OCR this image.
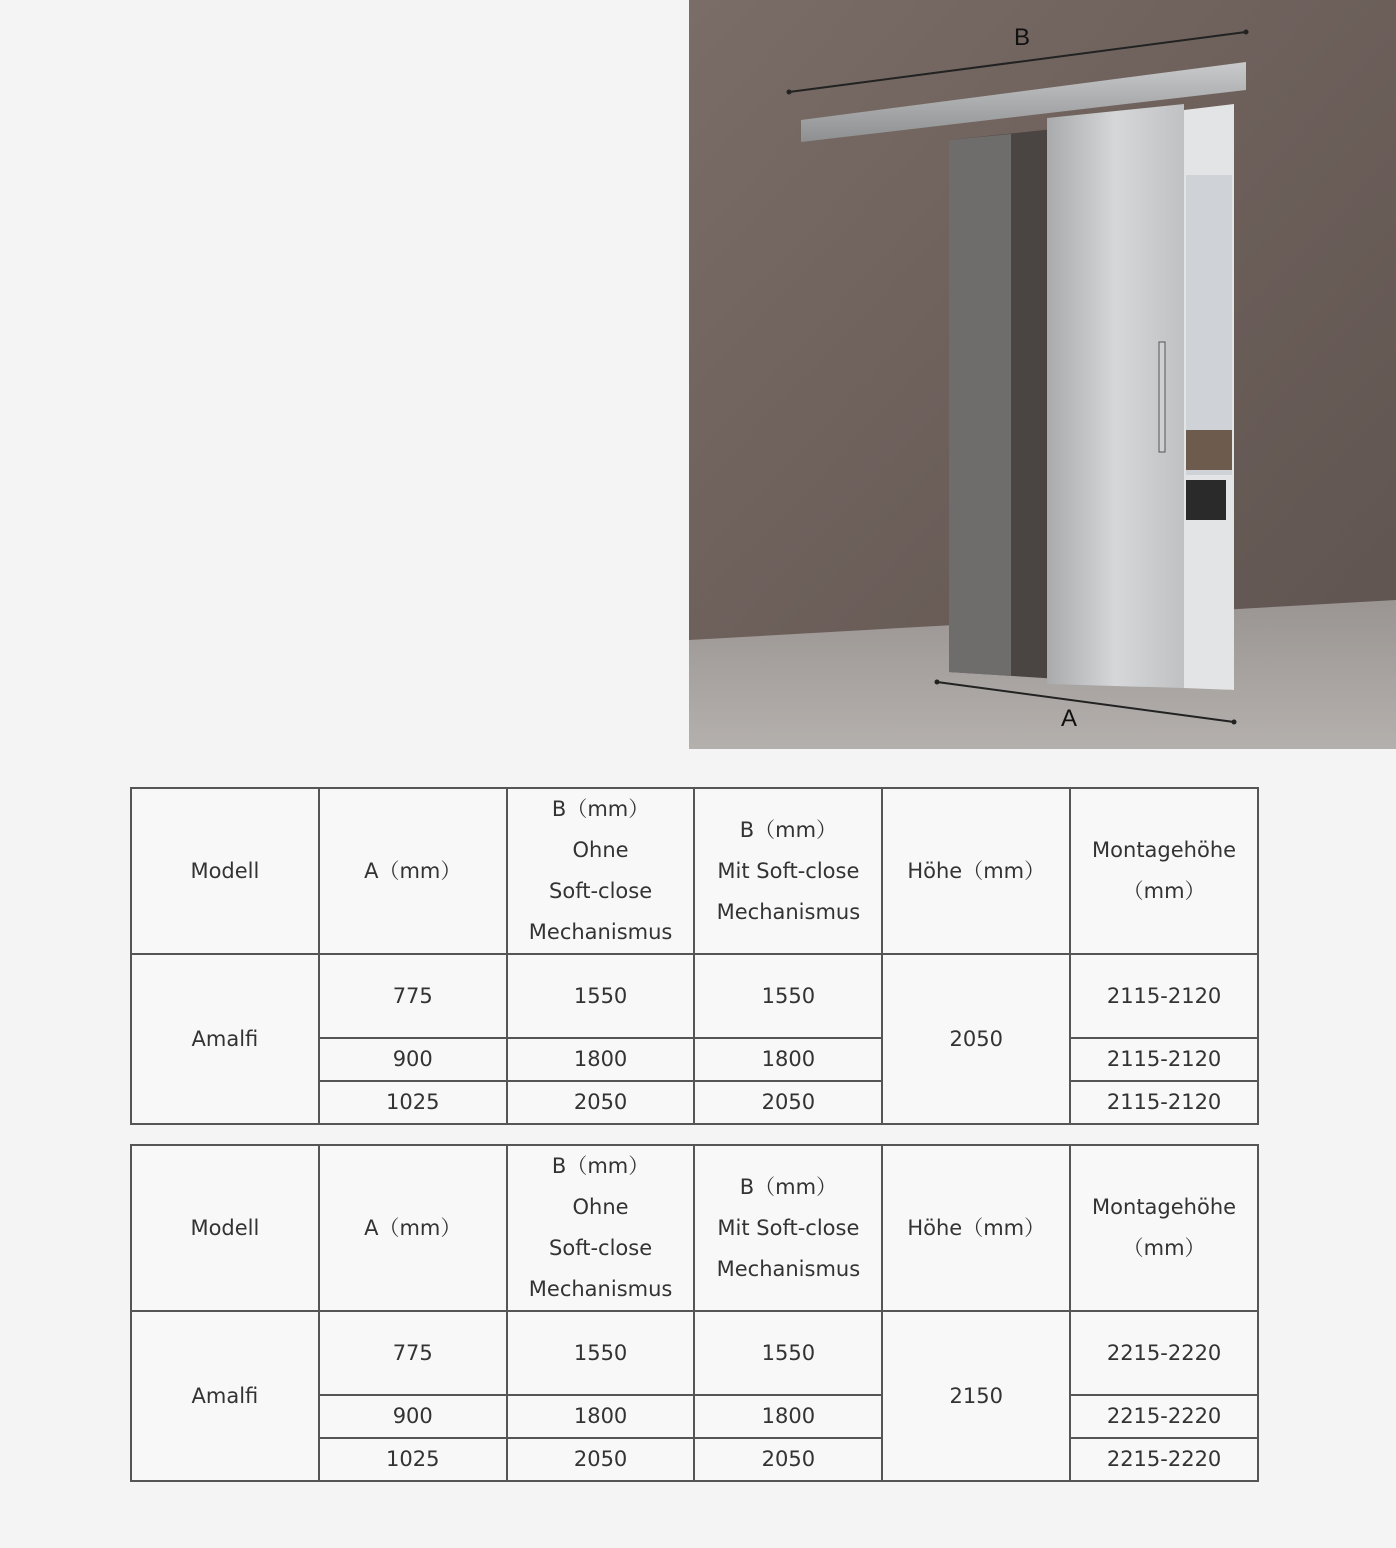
B
A
Modell	A（mm）	B（mm）
Ohne
Soft-close
Mechanismus	B（mm）
Mit Soft-close
Mechanismus	Höhe（mm）	Montagehöhe
（mm）

Amalfi	775	1550	1550	2050	2115-2120
	900	1800	1800		2115-2120
	1025	2050	2050		2115-2120
Modell	A（mm）	B（mm）
Ohne
Soft-close
Mechanismus	B（mm）
Mit Soft-close
Mechanismus	Höhe（mm）	Montagehöhe
（mm）

Amalfi	775	1550	1550	2150	2215-2220
	900	1800	1800		2215-2220
	1025	2050	2050		2215-2220
